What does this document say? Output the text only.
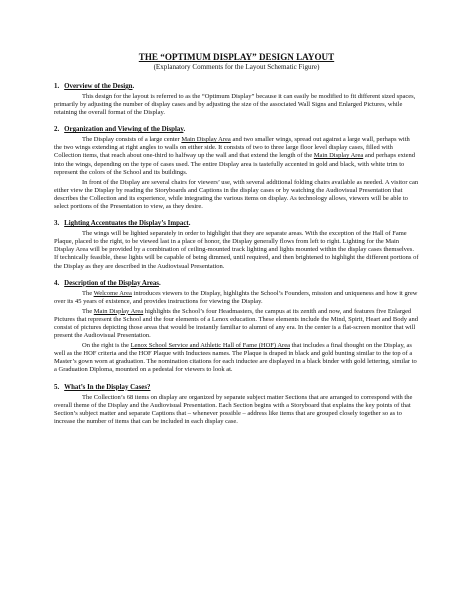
THE “OPTIMUM DISPLAY” DESIGN LAYOUT
(Explanatory Comments for the Layout Schematic Figure)
1. Overview of the Design.

This design for the layout is referred to as the “Optimum Display” because it can easily be modified to fit different sized spaces, primarily by adjusting the number of display cases and by adjusting the size of the associated Wall Signs and Enlarged Pictures, while retaining the overall format of the Display.

2. Organization and Viewing of the Display.

The Display consists of a large center Main Display Area and two smaller wings, spread out against a large wall, perhaps with the two wings extending at right angles to walls on either side. It consists of two to three large floor level display cases, filled with Collection items, that reach about one-third to halfway up the wall and that extend the length of the Main Display Area and perhaps extend into the wings, depending on the type of cases used. The entire Display area is tastefully accented in gold and black, with white trim to represent the colors of the School and its buildings.

In front of the Display are several chairs for viewers’ use, with several additional folding chairs available as needed. A visitor can either view the Display by reading the Storyboards and Captions in the display cases or by watching the Audiovisual Presentation that describes the Collection and its experience, while integrating the various items on display. As technology allows, viewers will be able to select portions of the Presentation to view, as they desire.

3. Lighting Accentuates the Display’s Impact.

The wings will be lighted separately in order to highlight that they are separate areas. With the exception of the Hall of Fame Plaque, placed to the right, to be viewed last in a place of honor, the Display generally flows from left to right. Lighting for the Main Display Area will be provided by a combination of ceiling-mounted track lighting and lights mounted within the display cases themselves. If technically feasible, these lights will be capable of being dimmed, until required, and then brightened to highlight the different portions of the Display as they are described in the Audiovisual Presentation.

4. Description of the Display Areas.

The Welcome Area introduces viewers to the Display, highlights the School’s Founders, mission and uniqueness and how it grew over its 45 years of existence, and provides instructions for viewing the Display.

The Main Display Area highlights the School’s four Headmasters, the campus at its zenith and now, and features five Enlarged Pictures that represent the School and the four elements of a Lenox education. These elements include the Mind, Spirit, Heart and Body and consist of pictures depicting those areas that would be instantly familiar to alumni of any era. In the center is a flat-screen monitor that will present the Audiovisual Presentation.

On the right is the Lenox School Service and Athletic Hall of Fame (HOF) Area that includes a final thought on the Display, as well as the HOF criteria and the HOF Plaque with Inductees names. The Plaque is draped in black and gold bunting similar to the top of a Master’s gown worn at graduation. The nomination citations for each inductee are displayed in a black binder with gold lettering, similar to a Graduation Diploma, mounted on a pedestal for viewers to look at.

5. What’s In the Display Cases?

The Collection’s 68 items on display are organized by separate subject matter Sections that are arranged to correspond with the overall theme of the Display and the Audiovisual Presentation. Each Section begins with a Storyboard that explains the key points of that Section’s subject matter and separate Captions that – whenever possible – address like items that are grouped closely together so as to increase the number of items that can be included in each display case.
